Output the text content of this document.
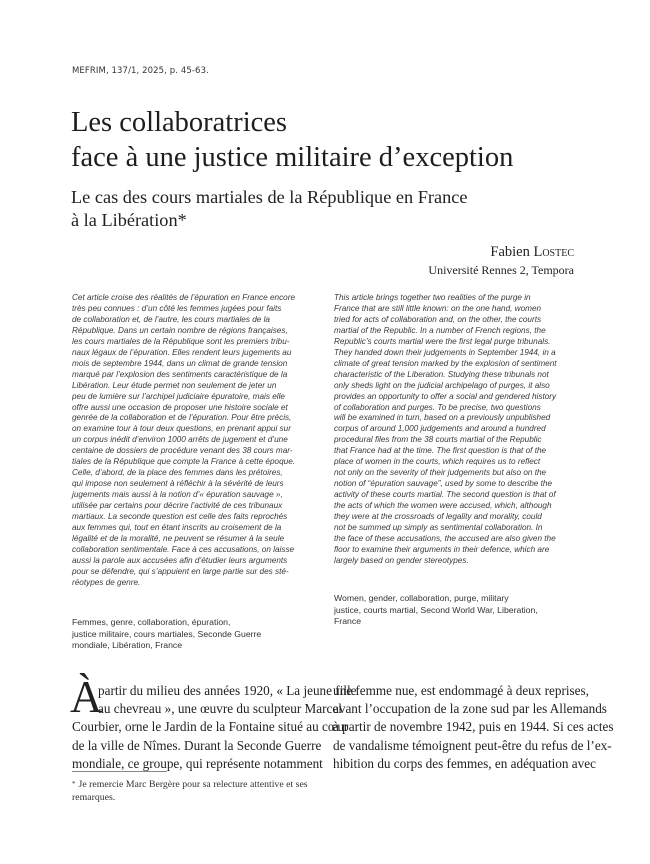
MEFRIM, 137/1, 2025, p. 45-63.
Les collaboratrices
face à une justice militaire d’exception
Le cas des cours martiales de la République en France
à la Libération*
Fabien Lostec
Université Rennes 2, Tempora
Cet article croise des réalités de l’épuration en France encore
très peu connues : d’un côté les femmes jugées pour faits
de collaboration et, de l’autre, les cours martiales de la
République. Dans un certain nombre de régions françaises,
les cours martiales de la République sont les premiers tribu-
naux légaux de l’épuration. Elles rendent leurs jugements au
mois de septembre 1944, dans un climat de grande tension
marqué par l’explosion des sentiments caractéristique de la
Libération. Leur étude permet non seulement de jeter un
peu de lumière sur l’archipel judiciaire épuratoire, mais elle
offre aussi une occasion de proposer une histoire sociale et
genrée de la collaboration et de l’épuration. Pour être précis,
on examine tour à tour deux questions, en prenant appui sur
un corpus inédit d’environ 1000 arrêts de jugement et d’une
centaine de dossiers de procédure venant des 38 cours mar-
tiales de la République que compte la France à cette époque.
Celle, d’abord, de la place des femmes dans les prétoires,
qui impose non seulement à réfléchir à la sévérité de leurs
jugements mais aussi à la notion d’« épuration sauvage »,
utilisée par certains pour décrire l’activité de ces tribunaux
martiaux. La seconde question est celle des faits reprochés
aux femmes qui, tout en étant inscrits au croisement de la
légalité et de la moralité, ne peuvent se résumer à la seule
collaboration sentimentale. Face à ces accusations, on laisse
aussi la parole aux accusées afin d’étudier leurs arguments
pour se défendre, qui s’appuient en large partie sur des sté-
réotypes de genre.
Femmes, genre, collaboration, épuration,
justice militaire, cours martiales, Seconde Guerre
mondiale, Libération, France
This article brings together two realities of the purge in
France that are still little known: on the one hand, women
tried for acts of collaboration and, on the other, the courts
martial of the Republic. In a number of French regions, the
Republic’s courts martial were the first legal purge tribunals.
They handed down their judgements in September 1944, in a
climate of great tension marked by the explosion of sentiment
characteristic of the Liberation. Studying these tribunals not
only sheds light on the judicial archipelago of purges, it also
provides an opportunity to offer a social and gendered history
of collaboration and purges. To be precise, two questions
will be examined in turn, based on a previously unpublished
corpus of around 1,000 judgements and around a hundred
procedural files from the 38 courts martial of the Republic
that France had at the time. The first question is that of the
place of women in the courts, which requires us to reflect
not only on the severity of their judgements but also on the
notion of “épuration sauvage”, used by some to describe the
activity of these courts martial. The second question is that of
the acts of which the women were accused, which, although
they were at the crossroads of legality and morality, could
not be summed up simply as sentimental collaboration. In
the face of these accusations, the accused are also given the
floor to examine their arguments in their defence, which are
largely based on gender stereotypes.
Women, gender, collaboration, purge, military
justice, courts martial, Second World War, Liberation,
France
À
partir du milieu des années 1920, « La jeune fille
au chevreau », une œuvre du sculpteur Marcel
Courbier, orne le Jardin de la Fontaine situé au cœur
de la ville de Nîmes. Durant la Seconde Guerre
mondiale, ce groupe, qui représente notamment
une femme nue, est endommagé à deux reprises,
avant l’occupation de la zone sud par les Allemands
à partir de novembre 1942, puis en 1944. Si ces actes
de vandalisme témoignent peut-être du refus de l’ex-
hibition du corps des femmes, en adéquation avec
* Je remercie Marc Bergère pour sa relecture attentive et ses remarques.
